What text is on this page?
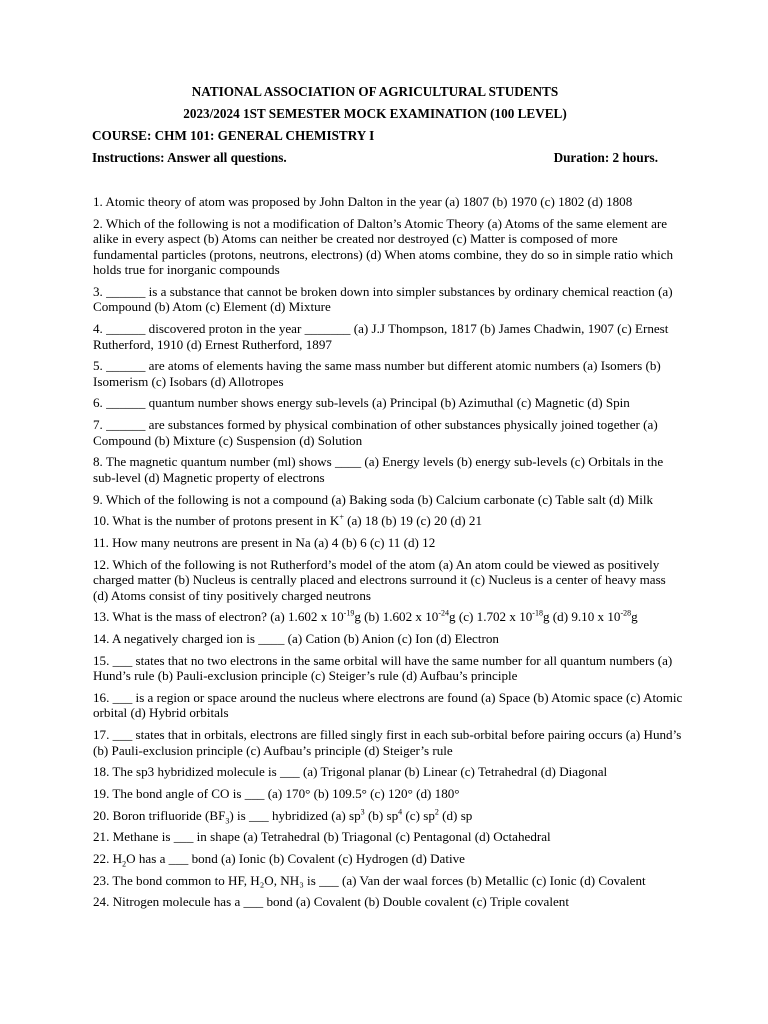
NATIONAL ASSOCIATION OF AGRICULTURAL STUDENTS
2023/2024 1ST SEMESTER MOCK EXAMINATION (100 LEVEL)
COURSE: CHM 101: GENERAL CHEMISTRY I
Instructions: Answer all questions.	Duration: 2 hours.

1. Atomic theory of atom was proposed by John Dalton in the year (a) 1807 (b) 1970 (c) 1802 (d) 1808

2. Which of the following is not a modification of Dalton’s Atomic Theory (a) Atoms of the same element are alike in every aspect (b) Atoms can neither be created nor destroyed (c) Matter is composed of more fundamental particles (protons, neutrons, electrons) (d) When atoms combine, they do so in simple ratio which holds true for inorganic compounds

3. ______ is a substance that cannot be broken down into simpler substances by ordinary chemical reaction (a) Compound (b) Atom (c) Element (d) Mixture

4. ______ discovered proton in the year _______ (a) J.J Thompson, 1817 (b) James Chadwin, 1907 (c) Ernest Rutherford, 1910 (d) Ernest Rutherford, 1897

5. ______ are atoms of elements having the same mass number but different atomic numbers (a) Isomers (b) Isomerism (c) Isobars (d) Allotropes

6. ______ quantum number shows energy sub-levels (a) Principal (b) Azimuthal (c) Magnetic (d) Spin

7. ______ are substances formed by physical combination of other substances physically joined together (a) Compound (b) Mixture (c) Suspension (d) Solution

8. The magnetic quantum number (ml) shows ____ (a) Energy levels (b) energy sub-levels (c) Orbitals in the sub-level (d) Magnetic property of electrons

9. Which of the following is not a compound (a) Baking soda (b) Calcium carbonate (c) Table salt (d) Milk

10. What is the number of protons present in K+ (a) 18 (b) 19 (c) 20 (d) 21

11. How many neutrons are present in Na (a) 4 (b) 6 (c) 11 (d) 12

12. Which of the following is not Rutherford’s model of the atom (a) An atom could be viewed as positively charged matter (b) Nucleus is centrally placed and electrons surround it (c) Nucleus is a center of heavy mass (d) Atoms consist of tiny positively charged neutrons

13. What is the mass of electron? (a) 1.602 x $10^{-19}g$ (b) 1.602 x $10^{-24}g$ (c) 1.702 x $10^{-18}g$ (d) 9.10 x $10^{-28}g$

14. A negatively charged ion is ____ (a) Cation (b) Anion (c) Ion (d) Electron

15. ___ states that no two electrons in the same orbital will have the same number for all quantum numbers (a) Hund’s rule (b) Pauli-exclusion principle (c) Steiger’s rule (d) Aufbau’s principle

16. ___ is a region or space around the nucleus where electrons are found (a) Space (b) Atomic space (c) Atomic orbital (d) Hybrid orbitals

17. ___ states that in orbitals, electrons are filled singly first in each sub-orbital before pairing occurs (a) Hund’s (b) Pauli-exclusion principle (c) Aufbau’s principle (d) Steiger’s rule

18. The sp3 hybridized molecule is ___ (a) Trigonal planar (b) Linear (c) Tetrahedral (d) Diagonal

19. The bond angle of CO is ___ (a) 170° (b) 109.5° (c) 120° (d) 180°

20. Boron trifluoride $(BF_3)$ is ___ hybridized (a) $sp^3$ (b) $sp^4$ (c) $sp^2$ (d) sp

21. Methane is ___ in shape (a) Tetrahedral (b) Triagonal (c) Pentagonal (d) Octahedral

22. $H_2O$ has a ___ bond (a) Ionic (b) Covalent (c) Hydrogen (d) Dative

23. The bond common to HF, H₂O, NH₃ is ___ (a) Van der waal forces (b) Metallic (c) Ionic (d) Covalent

24. Nitrogen molecule has a ___ bond (a) Covalent (b) Double covalent (c) Triple covalent
